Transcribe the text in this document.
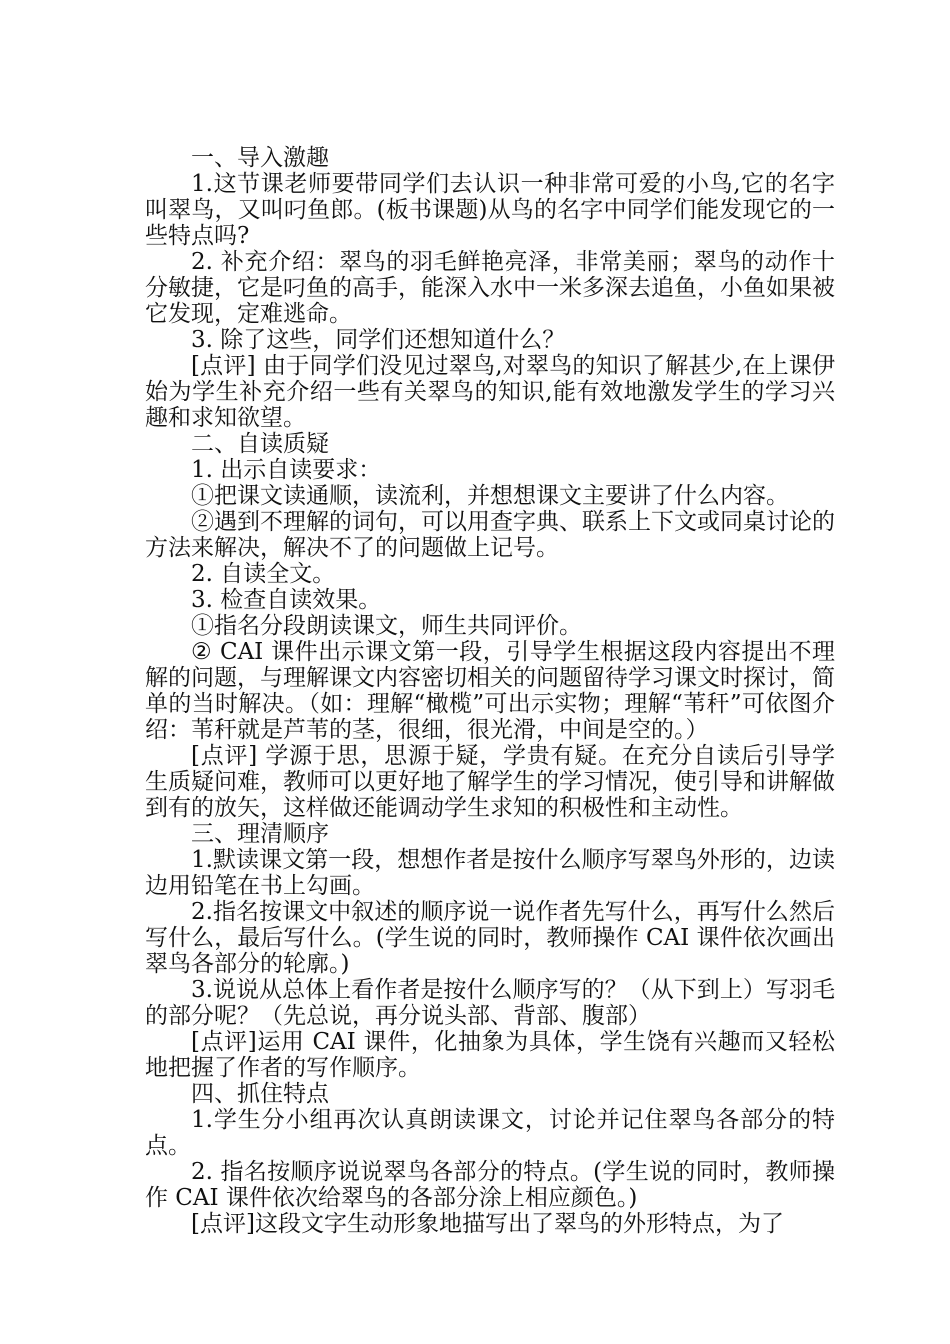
一、导入激趣

1.这节课老师要带同学们去认识一种非常可爱的小鸟,它的名字叫翠鸟，又叫叼鱼郎。(板书课题)从鸟的名字中同学们能发现它的一些特点吗?

2. 补充介绍：翠鸟的羽毛鲜艳亮泽，非常美丽；翠鸟的动作十分敏捷，它是叼鱼的高手，能深入水中一米多深去追鱼，小鱼如果被它发现，定难逃命。

3. 除了这些，同学们还想知道什么？

[点评] 由于同学们没见过翠鸟,对翠鸟的知识了解甚少,在上课伊始为学生补充介绍一些有关翠鸟的知识,能有效地激发学生的学习兴趣和求知欲望。

二、自读质疑

1. 出示自读要求：

①把课文读通顺，读流利，并想想课文主要讲了什么内容。

②遇到不理解的词句，可以用查字典、联系上下文或同桌讨论的方法来解决，解决不了的问题做上记号。

2. 自读全文。

3. 检查自读效果。

①指名分段朗读课文，师生共同评价。

② CAI 课件出示课文第一段，引导学生根据这段内容提出不理解的问题，与理解课文内容密切相关的问题留待学习课文时探讨，简单的当时解决。（如：理解“橄榄”可出示实物；理解“苇秆”可依图介绍：苇秆就是芦苇的茎，很细，很光滑，中间是空的。）

[点评] 学源于思，思源于疑，学贵有疑。在充分自读后引导学生质疑问难，教师可以更好地了解学生的学习情况，使引导和讲解做到有的放矢，这样做还能调动学生求知的积极性和主动性。

三、理清顺序

1.默读课文第一段，想想作者是按什么顺序写翠鸟外形的，边读边用铅笔在书上勾画。

2.指名按课文中叙述的顺序说一说作者先写什么，再写什么然后写什么，最后写什么。(学生说的同时，教师操作 CAI 课件依次画出翠鸟各部分的轮廓。)

3.说说从总体上看作者是按什么顺序写的？（从下到上）写羽毛的部分呢？（先总说，再分说头部、背部、腹部）

[点评]运用 CAI 课件，化抽象为具体，学生饶有兴趣而又轻松地把握了作者的写作顺序。

四、抓住特点

1.学生分小组再次认真朗读课文，讨论并记住翠鸟各部分的特点。

2. 指名按顺序说说翠鸟各部分的特点。(学生说的同时，教师操作 CAI 课件依次给翠鸟的各部分涂上相应颜色。)

[点评]这段文字生动形象地描写出了翠鸟的外形特点，为了
